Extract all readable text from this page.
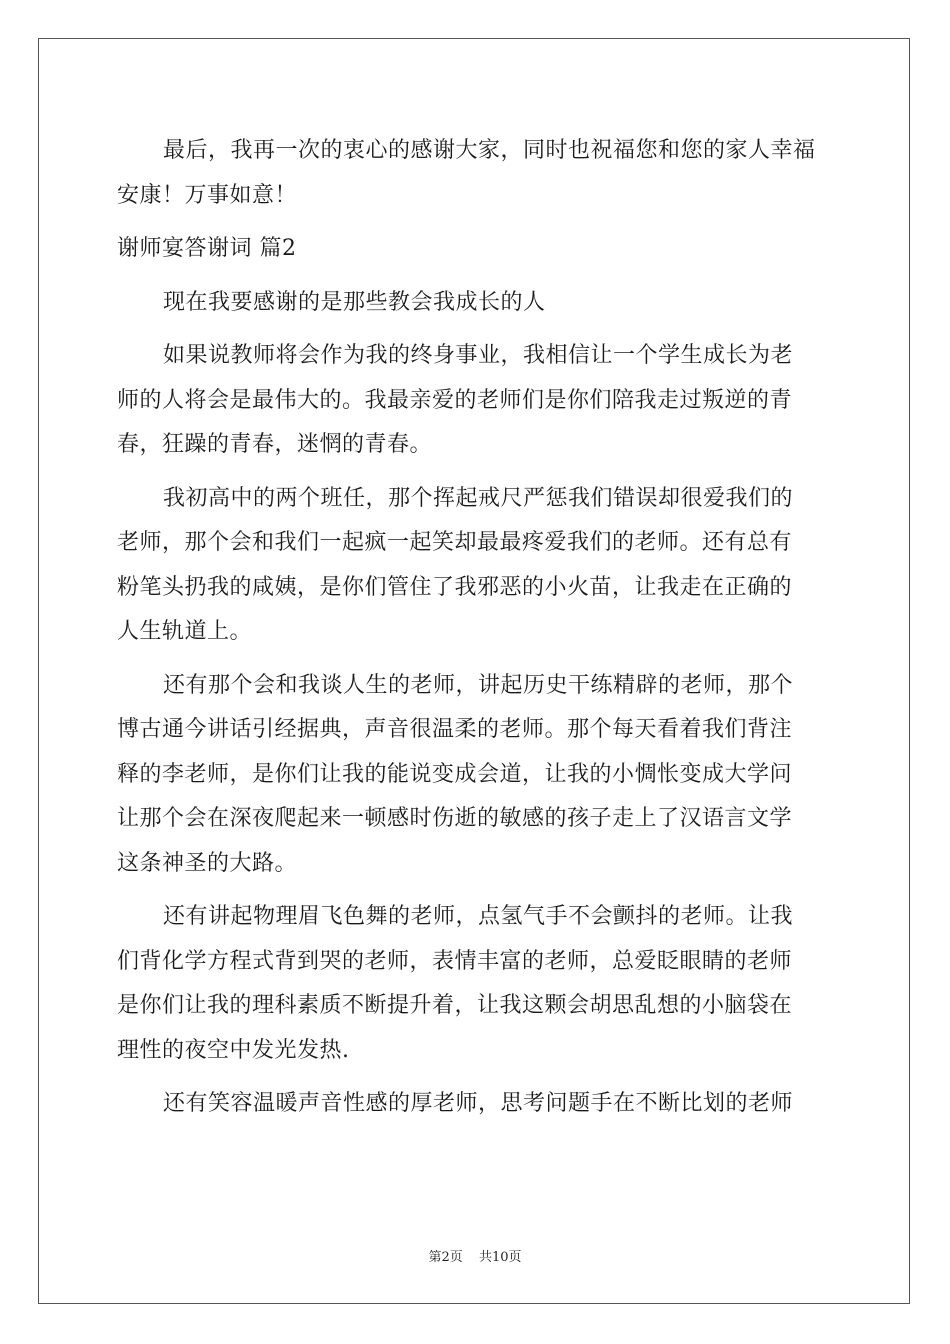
最后，我再一次的衷心的感谢大家，同时也祝福您和您的家人幸福
安康！万事如意！
谢师宴答谢词 篇2
现在我要感谢的是那些教会我成长的人
如果说教师将会作为我的终身事业，我相信让一个学生成长为老
师的人将会是最伟大的。我最亲爱的老师们是你们陪我走过叛逆的青
春，狂躁的青春，迷惘的青春。
我初高中的两个班任，那个挥起戒尺严惩我们错误却很爱我们的
老师，那个会和我们一起疯一起笑却最最疼爱我们的老师。还有总有
粉笔头扔我的咸姨，是你们管住了我邪恶的小火苗，让我走在正确的
人生轨道上。
还有那个会和我谈人生的老师，讲起历史干练精辟的老师，那个
博古通今讲话引经据典，声音很温柔的老师。那个每天看着我们背注
释的李老师，是你们让我的能说变成会道，让我的小惆怅变成大学问
让那个会在深夜爬起来一顿感时伤逝的敏感的孩子走上了汉语言文学
这条神圣的大路。
还有讲起物理眉飞色舞的老师，点氢气手不会颤抖的老师。让我
们背化学方程式背到哭的老师，表情丰富的老师，总爱眨眼睛的老师
是你们让我的理科素质不断提升着，让我这颗会胡思乱想的小脑袋在
理性的夜空中发光发热.
还有笑容温暖声音性感的厚老师，思考问题手在不断比划的老师
第2页 共10页
